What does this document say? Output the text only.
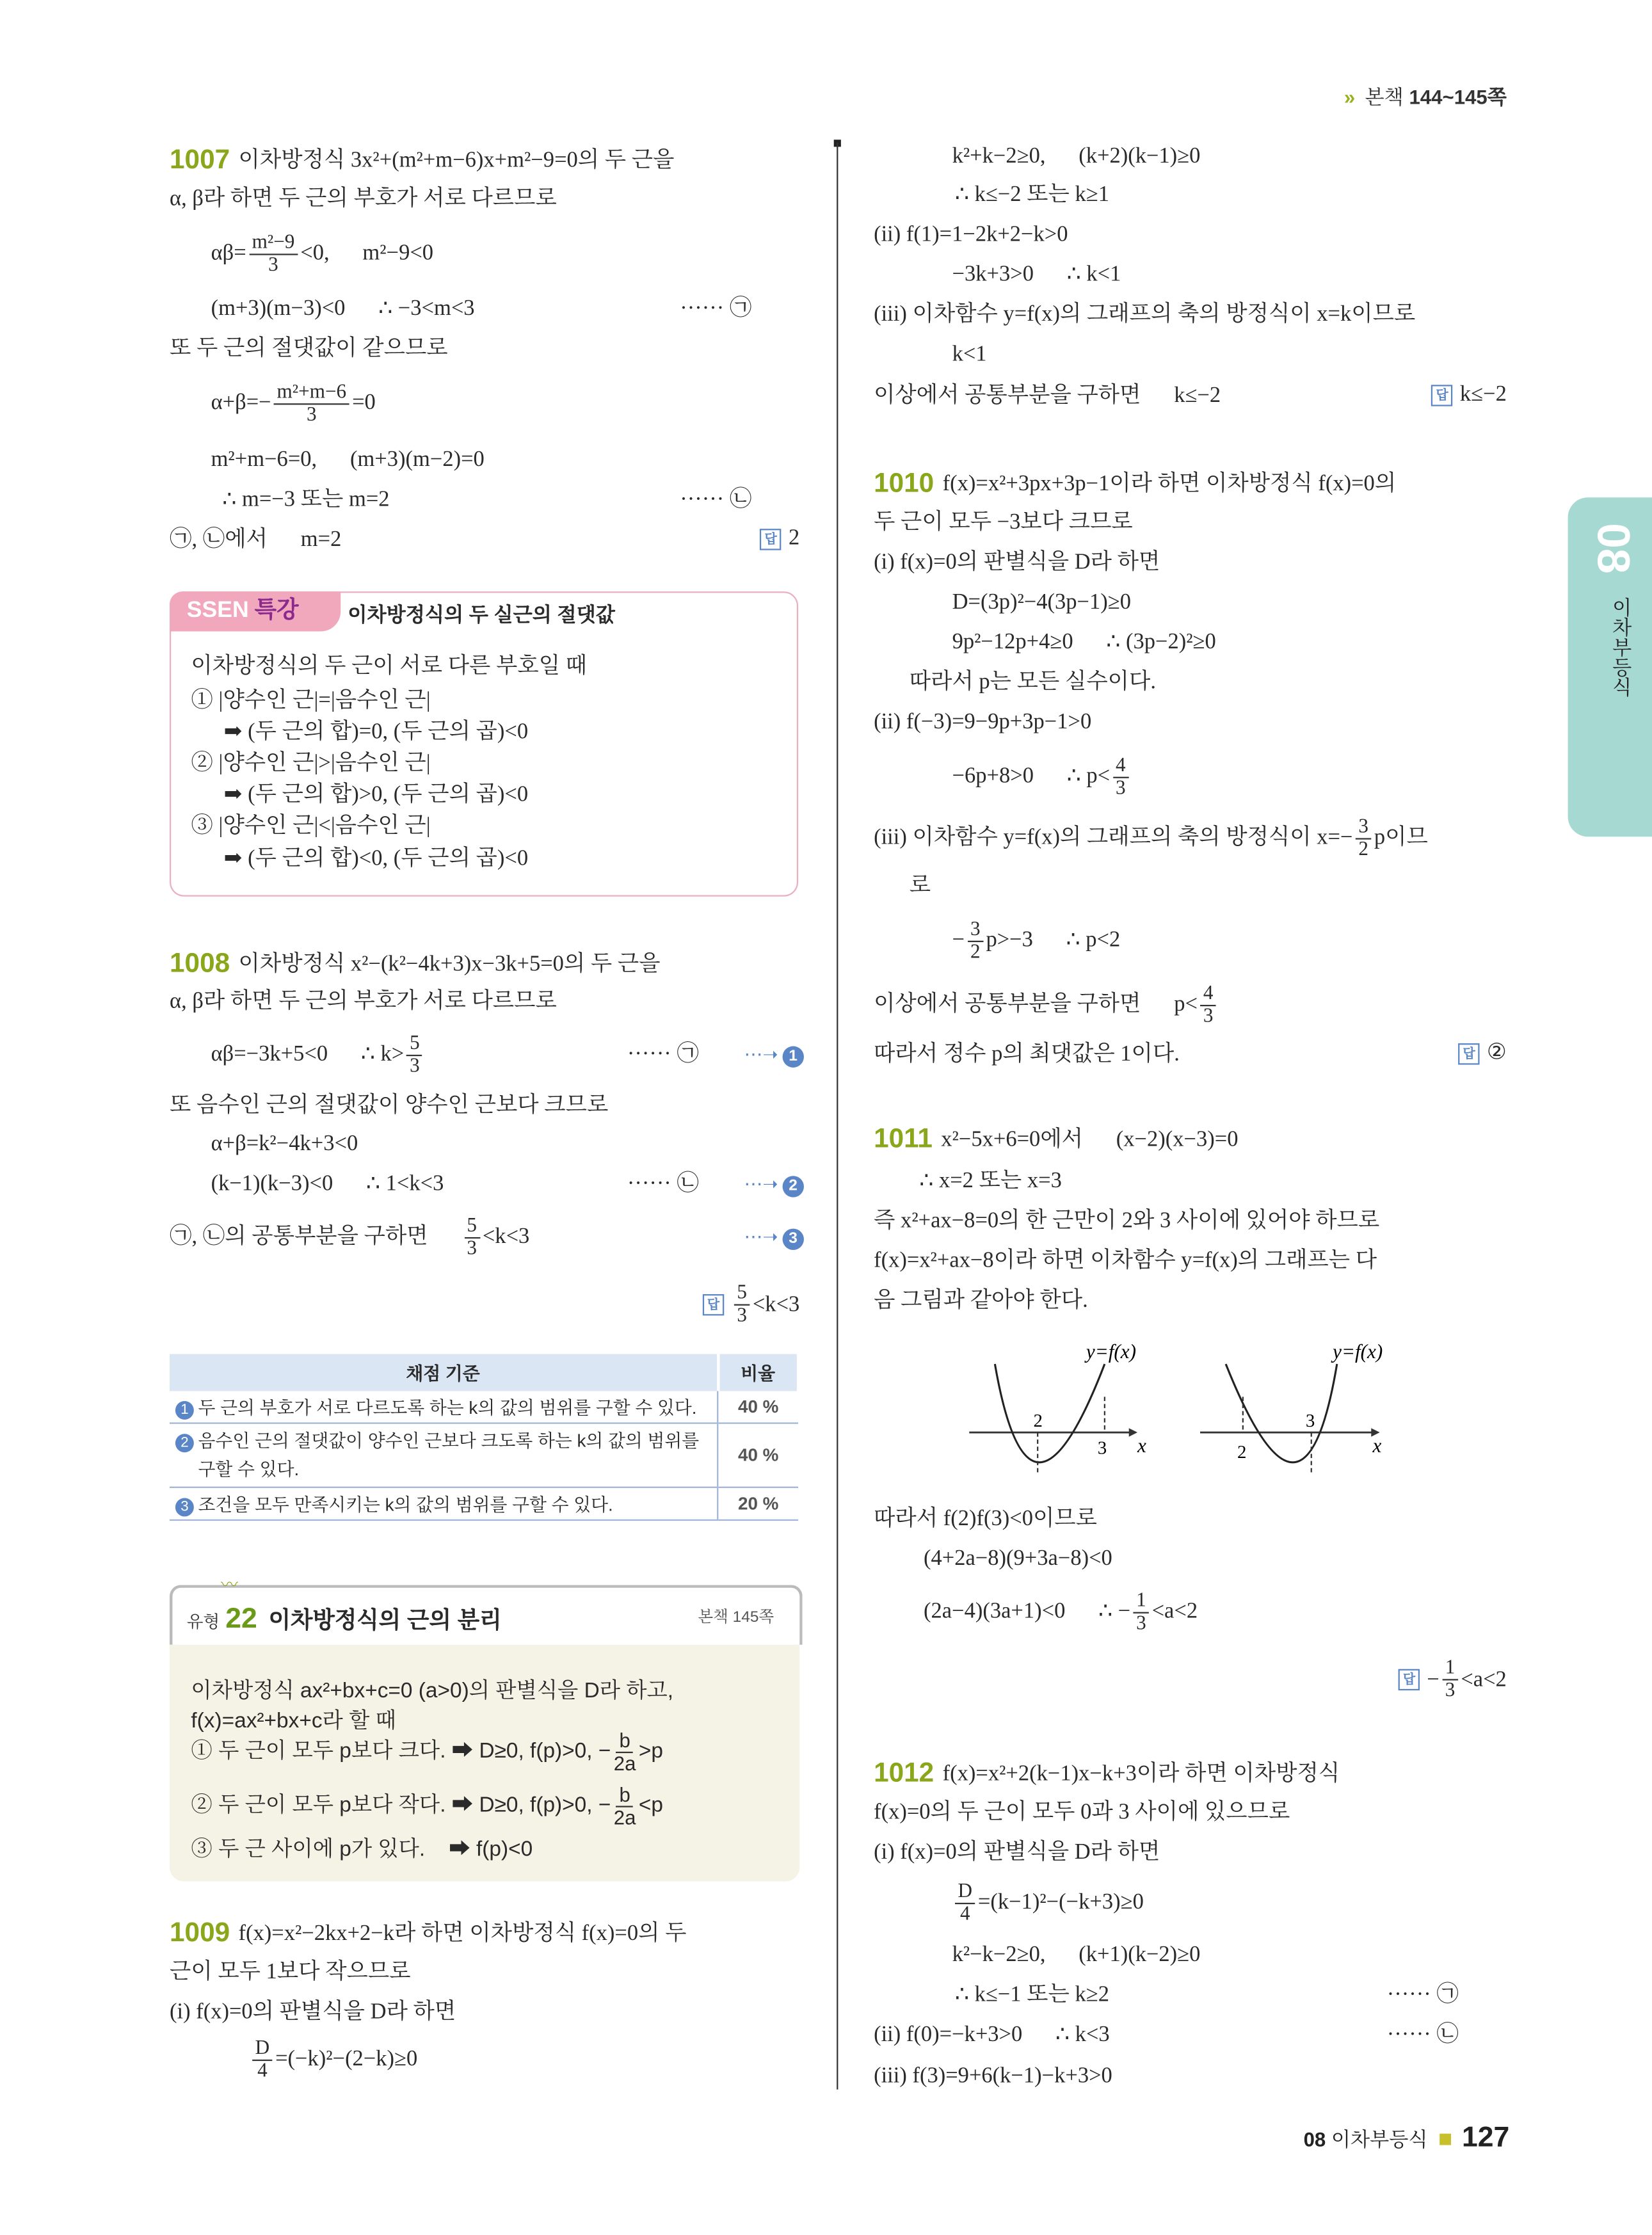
» 본책 144~145쪽
08
이차부등식
SSEN 특강	이차방정식의 두 실근의 절댓값
채점 기준	비율
1 두 근의 부호가 서로 다르도록 하는 k의 값의 범위를 구할 수 있다.	40 %
2 음수인 근의 절댓값이 양수인 근보다 크도록 하는 k의 값의 범위를 구할 수 있다.	40 %
3 조건을 모두 만족시키는 k의 값의 범위를 구할 수 있다.	20 %
〰
유형 22 이차방정식의 근의 분리	본책 145쪽
2
3	x
y=f(x)
2
3
x
y=f(x)
08
이차부등식	127
1007 이차방정식 3x²+(m²+m−6)x+m²−9=0의 두 근을
α, β라 하면 두 근의 부호가 서로 다르므로
$\alpha\beta= \frac{\text{m²−9}}{3} <0$,      m²−9<0
(m+3)(m−3)<0      ∴ −3<m<3	······ ㉠
또 두 근의 절댓값이 같으므로
$\alpha+\beta=- \frac{\text{m²+m−6}}{3} =0$
m²+m−6=0,      (m+3)(m−2)=0
∴ m=−3 또는 m=2	······ ㉡
㉠, ㉡에서      m=2	답	2
1008 이차방정식 x²−(k²−4k+3)x−3k+5=0의 두 근을
α, β라 하면 두 근의 부호가 서로 다르므로
αβ=−3k+5<0      ∴ $k> \frac{5}{3}$	······ ㉠	⋯➝ 1
또 음수인 근의 절댓값이 양수인 근보다 크므로
α+β=k²−4k+3<0
(k−1)(k−3)<0      ∴ 1<k<3	······ ㉡	⋯➝ 2
㉠, ㉡의 공통부분을 구하면 $\frac{5}{3} <k<3$	⋯➝ 3
답	$\frac{5}{3} <k<3$
1009 f(x)=x²−2kx+2−k라 하면 이차방정식 f(x)=0의 두
근이 모두 1보다 작으므로
(i) f(x)=0의 판별식을 D라 하면
$\frac{D}{4} =(-k)^2-(2-k)\ge 0$
k²+k−2≥0,      (k+2)(k−1)≥0
∴ k≤−2 또는 k≥1
(ii) f(1)=1−2k+2−k>0
−3k+3>0      ∴ k<1
(iii) 이차함수 y=f(x)의 그래프의 축의 방정식이 x=k이므로
k<1
이상에서 공통부분을 구하면      k≤−2	답	k≤−2
1010 f(x)=x²+3px+3p−1이라 하면 이차방정식 f(x)=0의
두 근이 모두 −3보다 크므로
(i) f(x)=0의 판별식을 D라 하면
D=(3p)²−4(3p−1)≥0
9p²−12p+4≥0      ∴ (3p−2)²≥0
따라서 p는 모든 실수이다.
(ii) f(−3)=9−9p+3p−1>0
−6p+8>0      ∴ $p< \frac{4}{3}$
(iii) 이차함수 y=f(x)의 그래프의 축의 방정식이 $x=- \frac{3}{2}$ p이므
로
− $\frac{3}{2} p>-3$      ∴ p<2
이상에서 공통부분을 구하면      $p< \frac{4}{3}$
따라서 정수 p의 최댓값은 1이다.	답	②
1011 x²−5x+6=0에서      (x−2)(x−3)=0
∴ x=2 또는 x=3
즉 x²+ax−8=0의 한 근만이 2와 3 사이에 있어야 하므로
f(x)=x²+ax−8이라 하면 이차함수 y=f(x)의 그래프는 다
음 그림과 같아야 한다.
따라서 f(2)f(3)<0이므로
(4+2a−8)(9+3a−8)<0
(2a−4)(3a+1)<0      ∴ − $\frac{1}{3} <a<2$
답	− $\frac{1}{3} <a<2$
1012 f(x)=x²+2(k−1)x−k+3이라 하면 이차방정식
f(x)=0의 두 근이 모두 0과 3 사이에 있으므로
(i) f(x)=0의 판별식을 D라 하면
$\frac{D}{4} =(k-1)^2-(-k+3)\ge 0$
k²−k−2≥0,      (k+1)(k−2)≥0
∴ k≤−1 또는 k≥2	······ ㉠
(ii) f(0)=−k+3>0      ∴ k<3	······ ㉡
(iii) f(3)=9+6(k−1)−k+3>0
이차방정식의 두 근이 서로 다른 부호일 때
① |양수인 근|=|음수인 근|
➡ (두 근의 합)=0, (두 근의 곱)<0
② |양수인 근|>|음수인 근|
➡ (두 근의 합)>0, (두 근의 곱)<0
③ |양수인 근|<|음수인 근|
➡ (두 근의 합)<0, (두 근의 곱)<0
이차방정식 ax²+bx+c=0 (a>0)의 판별식을 D라 하고,
f(x)=ax²+bx+c라 할 때
① 두 근이 모두 p보다 크다. ➡ D≥0, f(p)>0, − $\frac{b}{2a} >p$
② 두 근이 모두 p보다 작다. ➡ D≥0, f(p)>0, − $\frac{b}{2a} <p$
③ 두 근 사이에 p가 있다.    ➡ f(p)<0
